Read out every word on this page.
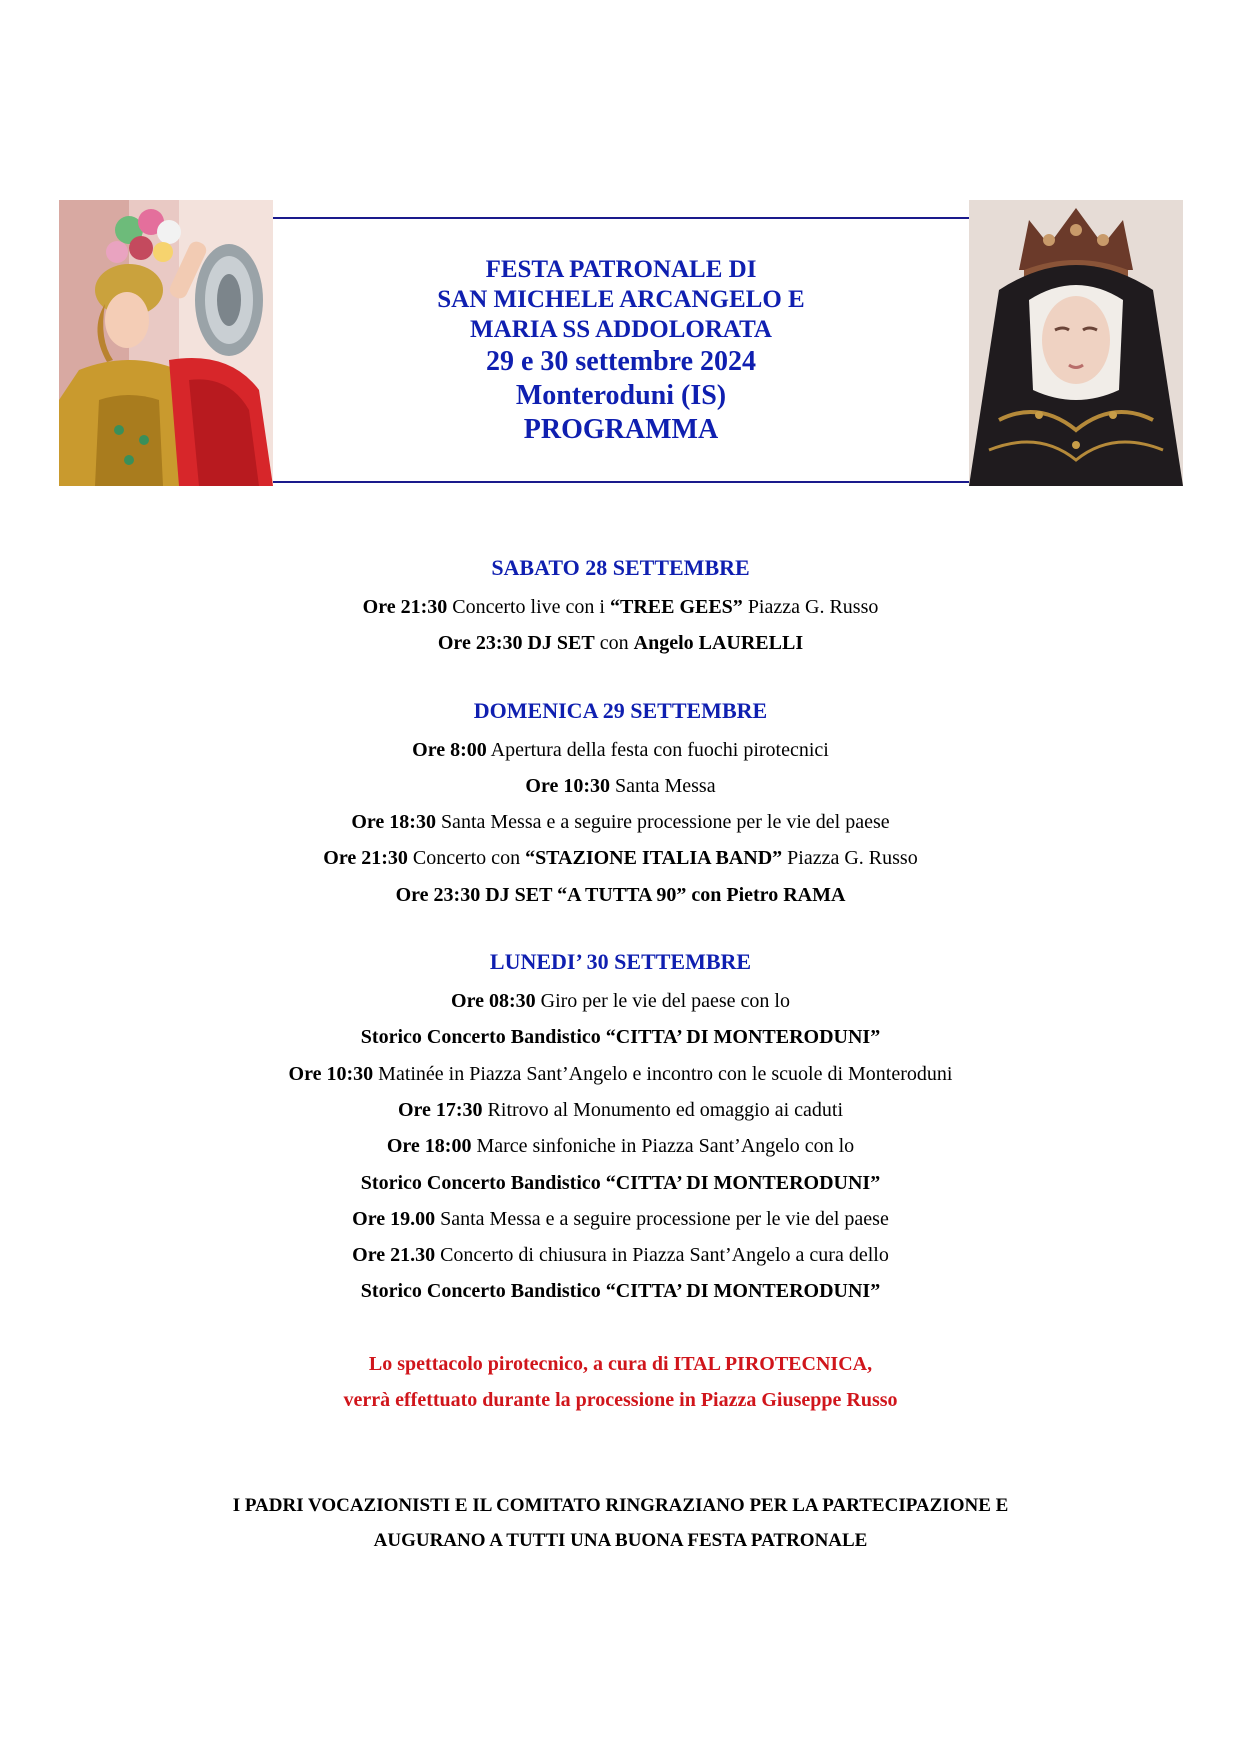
FESTA PATRONALE DI
SAN MICHELE ARCANGELO E
MARIA SS ADDOLORATA
29 e 30 settembre 2024
Monteroduni (IS)
PROGRAMMA
SABATO 28 SETTEMBRE
Ore 21:30 Concerto live con i “TREE GEES” Piazza G. Russo
Ore 23:30 DJ SET con Angelo LAURELLI
DOMENICA 29 SETTEMBRE
Ore 8:00 Apertura della festa con fuochi pirotecnici
Ore 10:30 Santa Messa
Ore 18:30 Santa Messa e a seguire processione per le vie del paese
Ore 21:30 Concerto con “STAZIONE ITALIA BAND” Piazza G. Russo
Ore 23:30 DJ SET “A TUTTA 90” con Pietro RAMA
LUNEDI’ 30 SETTEMBRE
Ore 08:30 Giro per le vie del paese con lo
Storico Concerto Bandistico “CITTA’ DI MONTERODUNI”
Ore 10:30 Matinée in Piazza Sant’Angelo e incontro con le scuole di Monteroduni
Ore 17:30 Ritrovo al Monumento ed omaggio ai caduti
Ore 18:00 Marce sinfoniche in Piazza Sant’Angelo con lo
Storico Concerto Bandistico “CITTA’ DI MONTERODUNI”
Ore 19.00 Santa Messa e a seguire processione per le vie del paese
Ore 21.30 Concerto di chiusura in Piazza Sant’Angelo a cura dello
Storico Concerto Bandistico “CITTA’ DI MONTERODUNI”
Lo spettacolo pirotecnico, a cura di ITAL PIROTECNICA,
verrà effettuato durante la processione in Piazza Giuseppe Russo
I PADRI VOCAZIONISTI E IL COMITATO RINGRAZIANO PER LA PARTECIPAZIONE E
AUGURANO A TUTTI UNA BUONA FESTA PATRONALE
